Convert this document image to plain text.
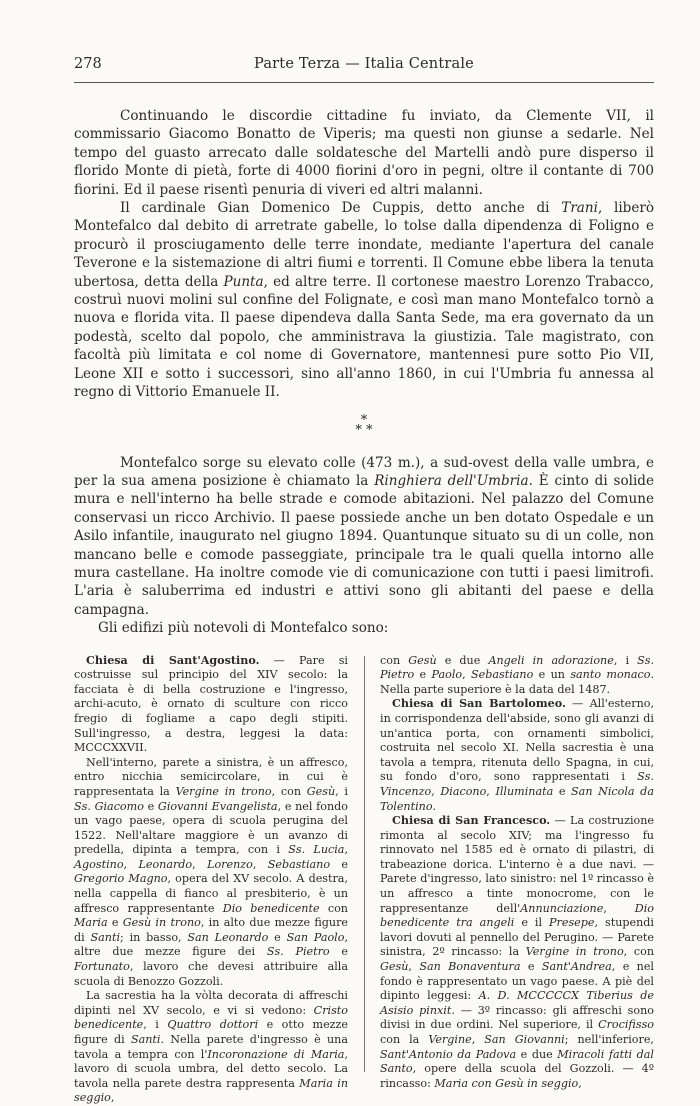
278	Parte Terza — Italia Centrale

Continuando le discordie cittadine fu inviato, da Clemente VII, il commissario Giacomo Bonatto de Viperis; ma questi non giunse a sedarle. Nel tempo del guasto arrecato dalle soldatesche del Martelli andò pure disperso il florido Monte di pietà, forte di 4000 fiorini d'oro in pegni, oltre il contante di 700 fiorini. Ed il paese risentì penuria di viveri ed altri malanni.

Il cardinale Gian Domenico De Cuppis, detto anche di Trani, liberò Montefalco dal debito di arretrate gabelle, lo tolse dalla dipendenza di Foligno e procurò il prosciugamento delle terre inondate, mediante l'apertura del canale Teverone e la sistemazione di altri fiumi e torrenti. Il Comune ebbe libera la tenuta ubertosa, detta della Punta, ed altre terre. Il cortonese maestro Lorenzo Trabacco, costruì nuovi molini sul confine del Folignate, e così man mano Montefalco tornò a nuova e florida vita. Il paese dipendeva dalla Santa Sede, ma era governato da un podestà, scelto dal popolo, che amministrava la giustizia. Tale magistrato, con facoltà più limitata e col nome di Governatore, mantennesi pure sotto Pio VII, Leone XII e sotto i successori, sino all'anno 1860, in cui l'Umbria fu annessa al regno di Vittorio Emanuele II.

*
* *

Montefalco sorge su elevato colle (473 m.), a sud-ovest della valle umbra, e per la sua amena posizione è chiamato la Ringhiera dell'Umbria. È cinto di solide mura e nell'interno ha belle strade e comode abitazioni. Nel palazzo del Comune conservasi un ricco Archivio. Il paese possiede anche un ben dotato Ospedale e un Asilo infantile, inaugurato nel giugno 1894. Quantunque situato su di un colle, non mancano belle e comode passeggiate, principale tra le quali quella intorno alle mura castellane. Ha inoltre comode vie di comunicazione con tutti i paesi limitrofi. L'aria è saluberrima ed industri e attivi sono gli abitanti del paese e della campagna.

Gli edifizi più notevoli di Montefalco sono:

Chiesa di Sant'Agostino. — Pare si costruisse sul principio del XIV secolo: la facciata è di bella costruzione e l'ingresso, archi-acuto, è ornato di sculture con ricco fregio di fogliame a capo degli stipiti. Sull'ingresso, a destra, leggesi la data: MCCCXXVII.

Nell'interno, parete a sinistra, è un affresco, entro nicchia semicircolare, in cui è rappresentata la Vergine in trono, con Gesù, i Ss. Giacomo e Giovanni Evangelista, e nel fondo un vago paese, opera di scuola perugina del 1522. Nell'altare maggiore è un avanzo di predella, dipinta a tempra, con i Ss. Lucia, Agostino, Leonardo, Lorenzo, Sebastiano e Gregorio Magno, opera del XV secolo. A destra, nella cappella di fianco al presbiterio, è un affresco rappresentante Dio benedicente con Maria e Gesù in trono, in alto due mezze figure di Santi; in basso, San Leonardo e San Paolo, altre due mezze figure dei Ss. Pietro e Fortunato, lavoro che devesi attribuire alla scuola di Benozzo Gozzoli.

La sacrestia ha la vòlta decorata di affreschi dipinti nel XV secolo, e vi si vedono: Cristo benedicente, i Quattro dottori e otto mezze figure di Santi. Nella parete d'ingresso è una tavola a tempra con l'Incoronazione di Maria, lavoro di scuola umbra, del detto secolo. La tavola nella parete destra rappresenta Maria in seggio,

con Gesù e due Angeli in adorazione, i Ss. Pietro e Paolo, Sebastiano e un santo monaco. Nella parte superiore è la data del 1487.

Chiesa di San Bartolomeo. — All'esterno, in corrispondenza dell'abside, sono gli avanzi di un'antica porta, con ornamenti simbolici, costruita nel secolo XI. Nella sacrestia è una tavola a tempra, ritenuta dello Spagna, in cui, su fondo d'oro, sono rappresentati i Ss. Vincenzo, Diacono, Illuminata e San Nicola da Tolentino.

Chiesa di San Francesco. — La costruzione rimonta al secolo XIV; ma l'ingresso fu rinnovato nel 1585 ed è ornato di pilastri, di trabeazione dorica. L'interno è a due navi. — Parete d'ingresso, lato sinistro: nel 1º rincasso è un affresco a tinte monocrome, con le rappresentanze dell'Annunciazione, Dio benedicente tra angeli e il Presepe, stupendi lavori dovuti al pennello del Perugino. — Parete sinistra, 2º rincasso: la Vergine in trono, con Gesù, San Bonaventura e Sant'Andrea, e nel fondo è rappresentato un vago paese. A piè del dipinto leggesi: A. D. MCCCCCX Tiberius de Asisio pinxit. — 3º rincasso: gli affreschi sono divisi in due ordini. Nel superiore, il Crocifisso con la Vergine, San Giovanni; nell'inferiore, Sant'Antonio da Padova e due Miracoli fatti dal Santo, opere della scuola del Gozzoli. — 4º rincasso: Maria con Gesù in seggio,
